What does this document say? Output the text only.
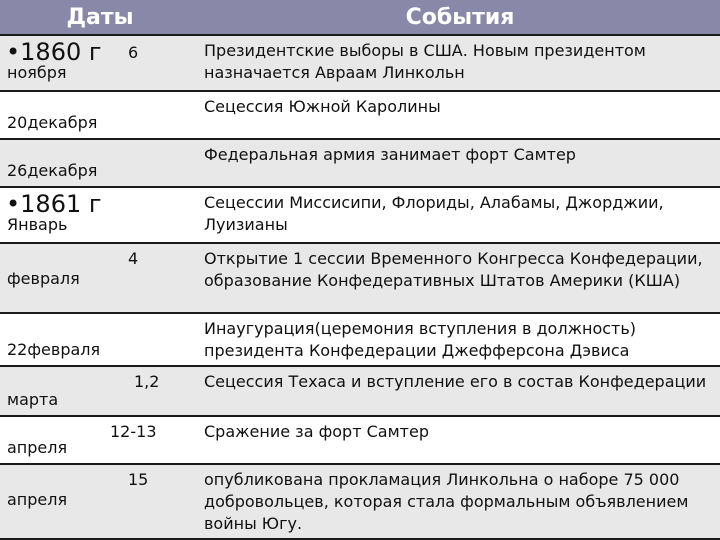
Даты	События

•1860 г 6
ноября	Президентские выборы в США. Новым президентом назначается Авраам Линкольн

20декабря	Сецессия Южной Каролины

26декабря	Федеральная армия занимает форт Самтер

•1861 г
Январь	Сецессии Миссисипи, Флориды, Алабамы, Джорджии, Луизианы

4
февраля	Открытие 1 сессии Временного Конгресса Конфедерации, образование Конфедеративных Штатов Америки (КША)

22февраля	Инаугурация(церемония вступления в должность) президента Конфедерации Джефферсона Дэвиса

1,2
марта	Сецессия Техаса и вступление его в состав Конфедерации

12-13
апреля	Сражение за форт Самтер

15
апреля	опубликована прокламация Линкольна о наборе 75 000 добровольцев, которая стала формальным объявлением войны Югу.
